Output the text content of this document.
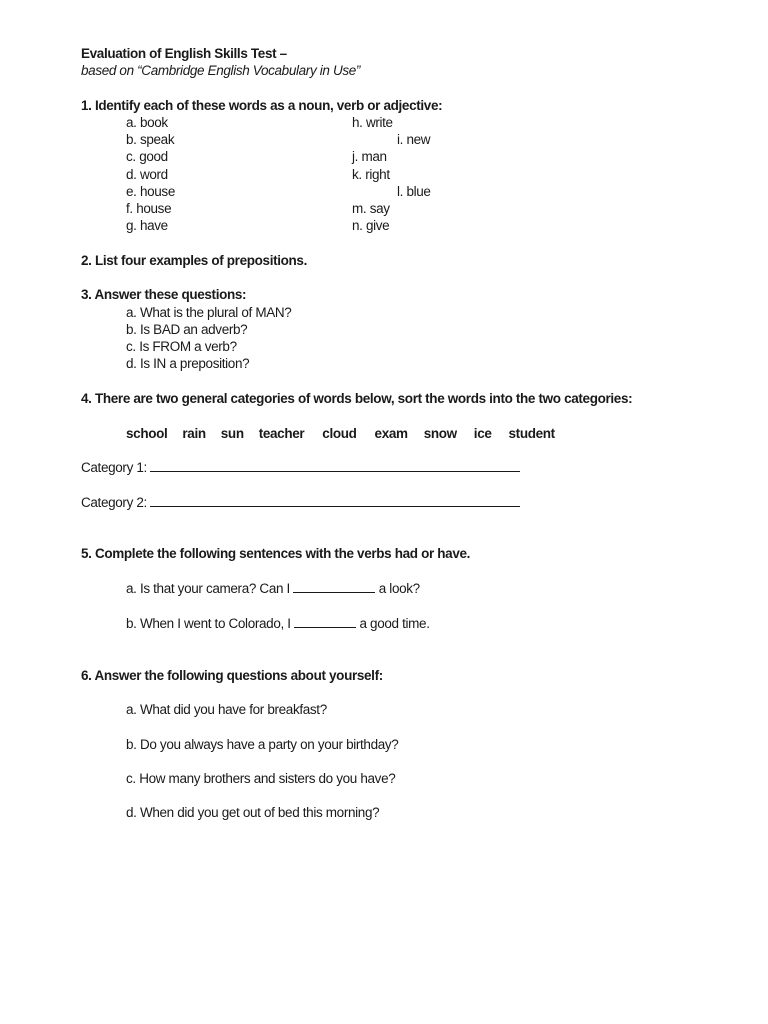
Evaluation of English Skills Test –
based on “Cambridge English Vocabulary in Use”
1. Identify each of these words as a noun, verb or adjective:
a. book
b. speak
c. good
d. word
e. house
f. house
g. have
h. write
i. new
j. man
k. right
l. blue
m. say
n. give
2. List four examples of prepositions.
3. Answer these questions:
a. What is the plural of MAN?
b. Is BAD an adverb?
c. Is FROM a verb?
d. Is IN a preposition?
4. There are two general categories of words below, sort the words into the two categories:
school rain sun teacher cloud exam snow ice student
Category 1:
Category 2:
5. Complete the following sentences with the verbs had or have.
a. Is that your camera? Can I	a look?
b. When I went to Colorado, I	a good time.
6. Answer the following questions about yourself:
a. What did you have for breakfast?
b. Do you always have a party on your birthday?
c. How many brothers and sisters do you have?
d. When did you get out of bed this morning?
